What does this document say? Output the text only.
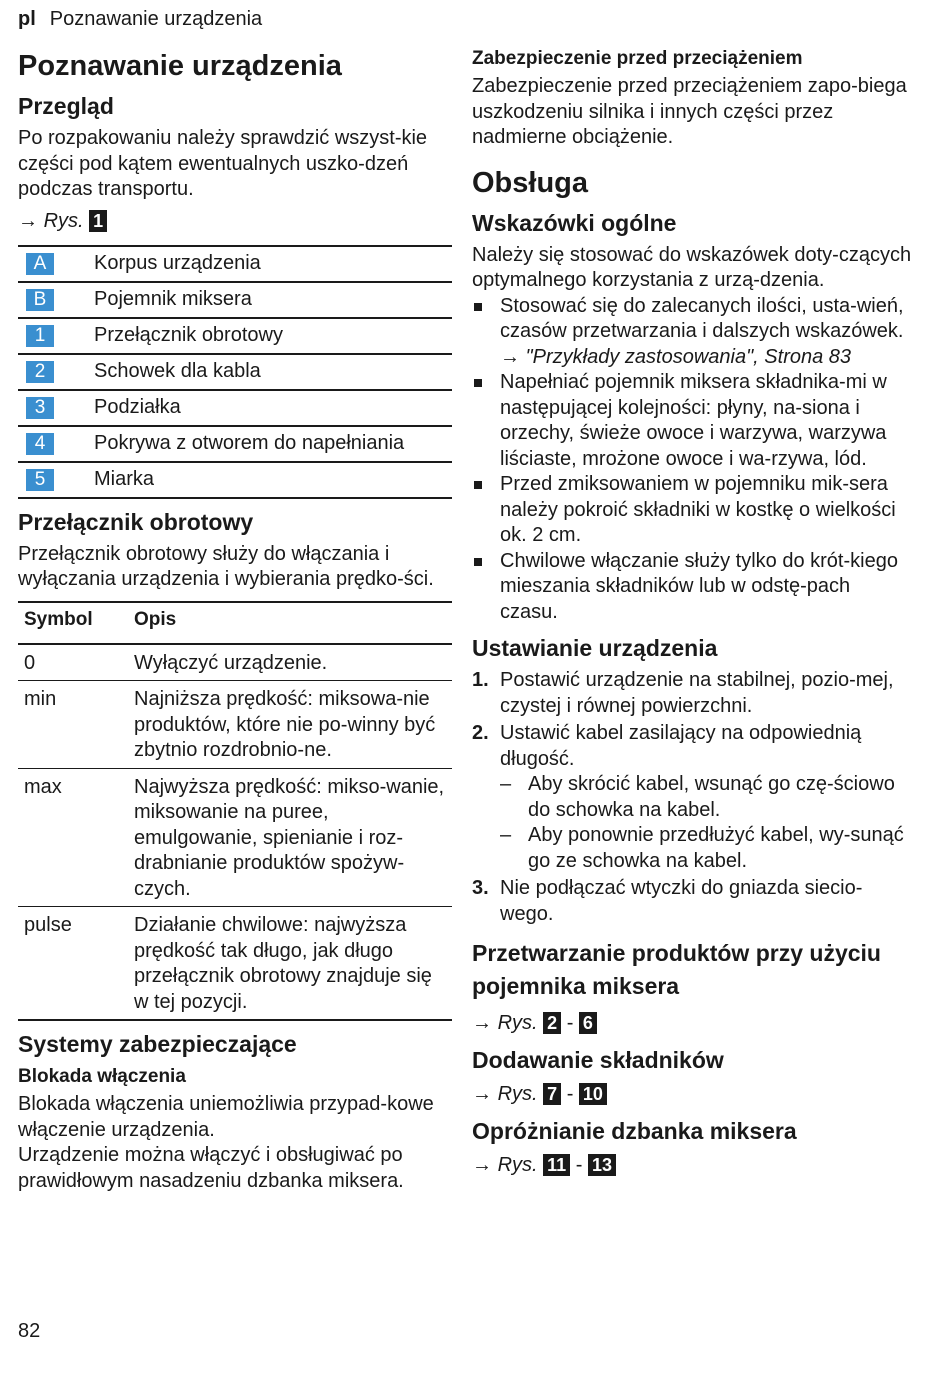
pl Poznawanie urządzenia
Poznawanie urządzenia
Przegląd

Po rozpakowaniu należy sprawdzić wszyst-kie części pod kątem ewentualnych uszko-dzeń podczas transportu.

→ Rys. 1
A	Korpus urządzenia
B	Pojemnik miksera
1	Przełącznik obrotowy
2	Schowek dla kabla
3	Podziałka
4	Pokrywa z otworem do napełniania
5	Miarka
Przełącznik obrotowy

Przełącznik obrotowy służy do włączania i wyłączania urządzenia i wybierania prędko-ści.

Symbol	Opis
0	Wyłączyć urządzenie.
min	Najniższa prędkość: miksowa-nie produktów, które nie po-winny być zbytnio rozdrobnio-ne.
max	Najwyższa prędkość: mikso-wanie, miksowanie na puree, emulgowanie, spienianie i roz-drabnianie produktów spożyw-czych.
pulse	Działanie chwilowe: najwyższa prędkość tak długo, jak długo przełącznik obrotowy znajduje się w tej pozycji.
Systemy zabezpieczające
Blokada włączenia

Blokada włączenia uniemożliwia przypad-kowe włączenie urządzenia.

Urządzenie można włączyć i obsługiwać po prawidłowym nasadzeniu dzbanka miksera.

Zabezpieczenie przed przeciążeniem

Zabezpieczenie przed przeciążeniem zapo-biega uszkodzeniu silnika i innych części przez nadmierne obciążenie.

Obsługa
Wskazówki ogólne

Należy się stosować do wskazówek doty-czących optymalnego korzystania z urzą-dzenia.

Stosować się do zalecanych ilości, usta-wień, czasów przetwarzania i dalszych wskazówek.
→ "Przykłady zastosowania", Strona 83
Napełniać pojemnik miksera składnika-mi w następującej kolejności: płyny, na-siona i orzechy, świeże owoce i warzywa, warzywa liściaste, mrożone owoce i wa-rzywa, lód.
Przed zmiksowaniem w pojemniku mik-sera należy pokroić składniki w kostkę o wielkości ok. 2 cm.
Chwilowe włączanie służy tylko do krót-kiego mieszania składników lub w odstę-pach czasu.
Ustawianie urządzenia
1. Postawić urządzenie na stabilnej, pozio-mej, czystej i równej powierzchni.
2. Ustawić kabel zasilający na odpowiednią długość.
– Aby skrócić kabel, wsunąć go czę-ściowo do schowka na kabel.
– Aby ponownie przedłużyć kabel, wy-sunąć go ze schowka na kabel.
3. Nie podłączać wtyczki do gniazda siecio-wego.
Przetwarzanie produktów przy użyciu pojemnika miksera
→ Rys. 2 - 6
Dodawanie składników
→ Rys. 7 - 10
Opróżnianie dzbanka miksera
→ Rys. 11 - 13
82
